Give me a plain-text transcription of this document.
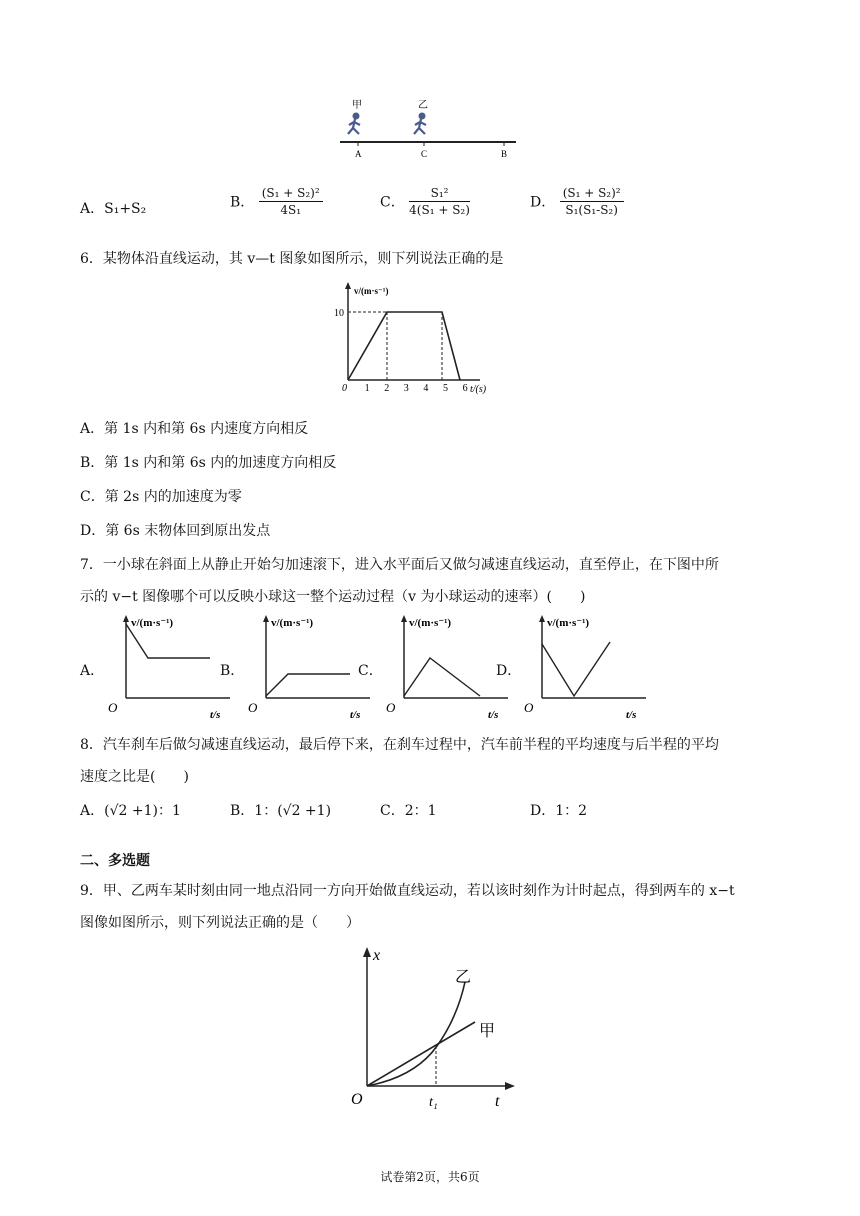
甲	乙
A	C	B
A．S₁+S₂	B． $\frac{\text{(S₁ + S₂)²}}{\text{4S₁}}$	C． $\frac{\text{S₁²}}{\text{4(S₁ + S₂)}}$	D． $\frac{\text{(S₁ + S₂)²}}{\text{S₁(S₁-S₂)}}$
6．某物体沿直线运动，其 v—t 图象如图所示，则下列说法正确的是
v/(m·s⁻¹)
10
0	t/(s)
1 2 3 4 5 6
A．第 1s 内和第 6s 内速度方向相反
B．第 1s 内和第 6s 内的加速度方向相反
C．第 2s 内的加速度为零
D．第 6s 末物体回到原出发点
7．一小球在斜面上从静止开始匀加速滚下，进入水平面后又做匀减速直线运动，直至停止，在下图中所
示的 v−t 图像哪个可以反映小球这一整个运动过程（v 为小球运动的速率）(　　)
A．
v/(m·s⁻¹)
t/s
O
B．
v/(m·s⁻¹)
t/s
O
C．
v/(m·s⁻¹)
t/s
O
D．
v/(m·s⁻¹)
t/s
O
8．汽车刹车后做匀减速直线运动，最后停下来，在刹车过程中，汽车前半程的平均速度与后半程的平均
速度之比是(　　)
A．(√2 +1)：1	B．1：(√2 +1)	C．2：1	D．1：2
二、多选题
9．甲、乙两车某时刻由同一地点沿同一方向开始做直线运动，若以该时刻作为计时起点，得到两车的 x−t
图像如图所示，则下列说法正确的是（　　）
x
t
O	t₁
乙
甲
试卷第2页，共6页
